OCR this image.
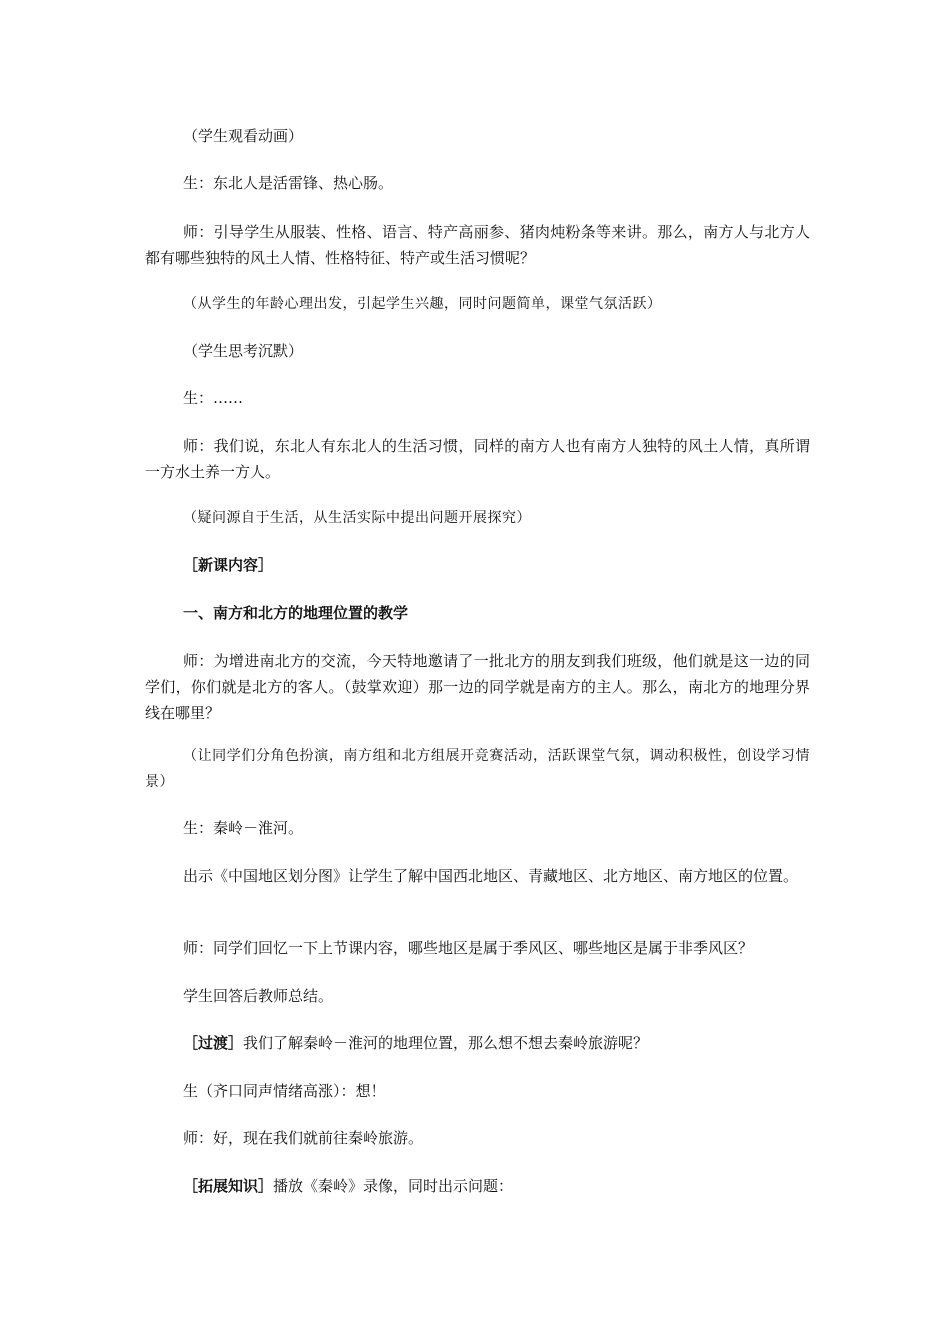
（学生观看动画）
生：东北人是活雷锋、热心肠。
师：引导学生从服装、性格、语言、特产高丽参、猪肉炖粉条等来讲。那么，南方人与北方人都有哪些独特的风土人情、性格特征、特产或生活习惯呢？
（从学生的年龄心理出发，引起学生兴趣，同时问题简单，课堂气氛活跃）
（学生思考沉默）
生：……
师：我们说，东北人有东北人的生活习惯，同样的南方人也有南方人独特的风土人情，真所谓一方水土养一方人。
（疑问源自于生活，从生活实际中提出问题开展探究）
［新课内容］
一、南方和北方的地理位置的教学
师：为增进南北方的交流，今天特地邀请了一批北方的朋友到我们班级，他们就是这一边的同学们，你们就是北方的客人。（鼓掌欢迎）那一边的同学就是南方的主人。那么，南北方的地理分界线在哪里？
（让同学们分角色扮演，南方组和北方组展开竞赛活动，活跃课堂气氛，调动积极性，创设学习情景）
生：秦岭－淮河。
出示《中国地区划分图》让学生了解中国西北地区、青藏地区、北方地区、南方地区的位置。
师：同学们回忆一下上节课内容，哪些地区是属于季风区、哪些地区是属于非季风区？
学生回答后教师总结。
［过渡］我们了解秦岭－淮河的地理位置，那么想不想去秦岭旅游呢？
生（齐口同声情绪高涨）：想！
师：好，现在我们就前往秦岭旅游。
［拓展知识］播放《秦岭》录像，同时出示问题：
